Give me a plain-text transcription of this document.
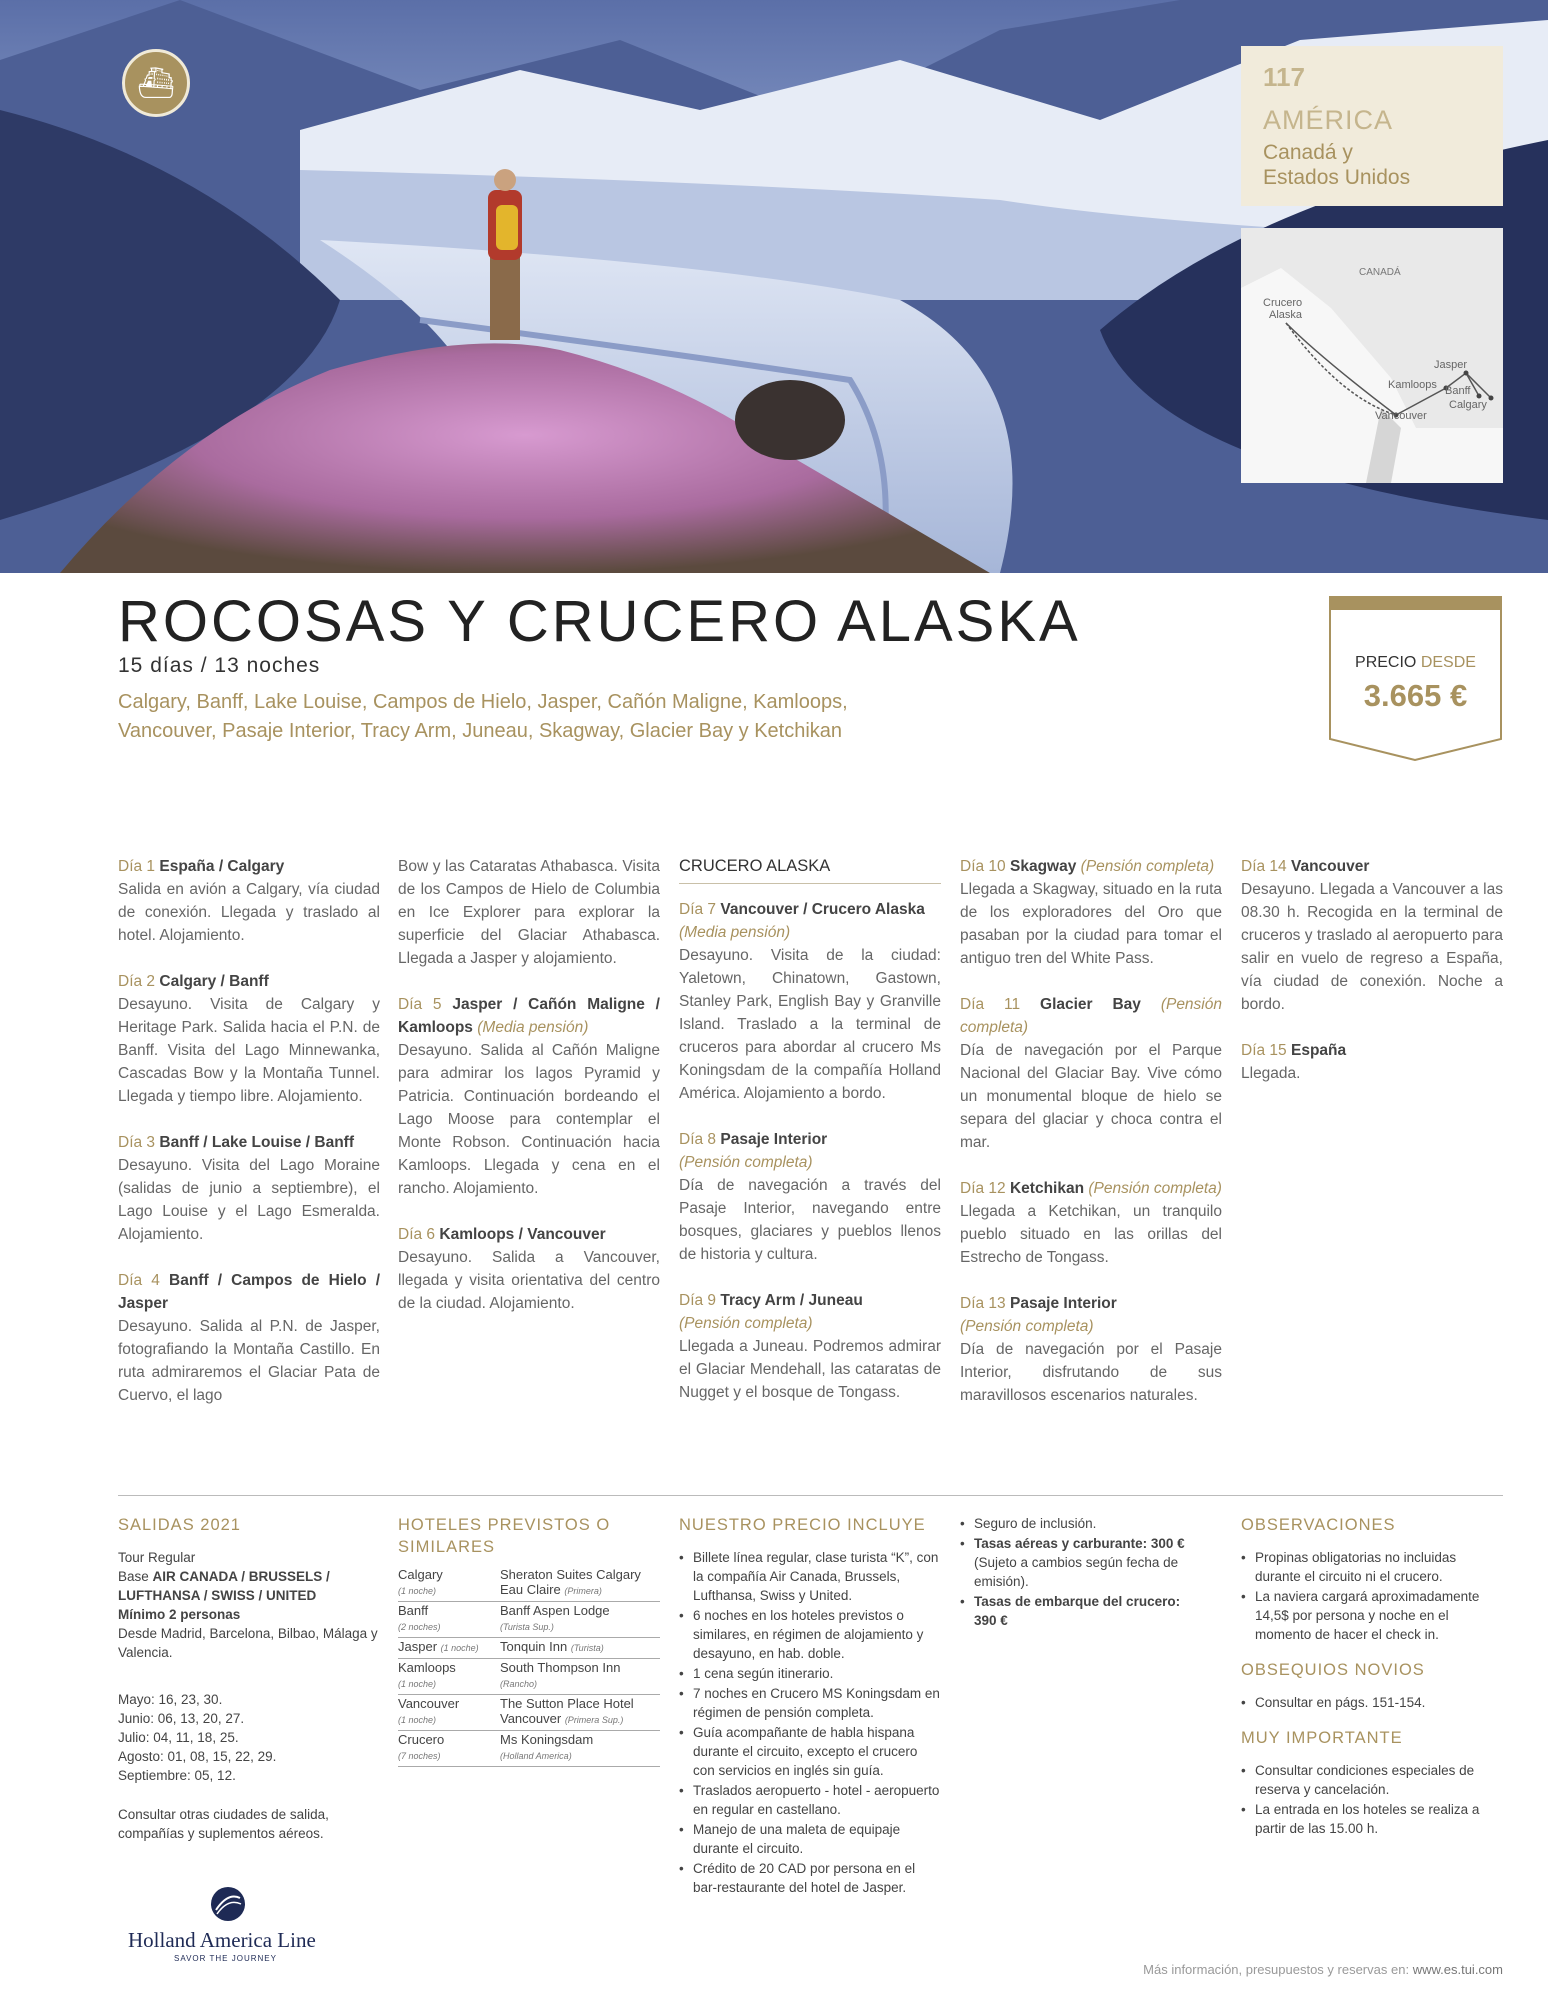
⛴	117
AMÉRICA
Canadá y
Estados Unidos
CANADÁ
Crucero
Alaska
Jasper
Kamloops Banff
Calgary
Vancouver
ROCOSAS Y CRUCERO ALASKA
15 días / 13 noches
Calgary, Banff, Lake Louise, Campos de Hielo, Jasper, Cañón Maligne, Kamloops, Vancouver, Pasaje Interior, Tracy Arm, Juneau, Skagway, Glacier Bay y Ketchikan
PRECIO DESDE
3.665 €

Día 1 España / Calgary
Salida en avión a Calgary, vía ciudad de conexión. Llegada y traslado al hotel. Alojamiento.

Día 2 Calgary / Banff
Desayuno. Visita de Calgary y Heritage Park. Salida hacia el P.N. de Banff. Visita del Lago Minnewanka, Cascadas Bow y la Montaña Tunnel. Llegada y tiempo libre. Alojamiento.

Día 3 Banff / Lake Louise / Banff
Desayuno. Visita del Lago Moraine (salidas de junio a septiembre), el Lago Louise y el Lago Esmeralda. Alojamiento.

Día 4 Banff / Campos de Hielo / Jasper
Desayuno. Salida al P.N. de Jasper, fotografiando la Montaña Castillo. En ruta admiraremos el Glaciar Pata de Cuervo, el lago

Bow y las Cataratas Athabasca. Visita de los Campos de Hielo de Columbia en Ice Explorer para explorar la superficie del Glaciar Athabasca. Llegada a Jasper y alojamiento.

Día 5 Jasper / Cañón Maligne / Kamloops (Media pensión)
Desayuno. Salida al Cañón Maligne para admirar los lagos Pyramid y Patricia. Continuación bordeando el Lago Moose para contemplar el Monte Robson. Continuación hacia Kamloops. Llegada y cena en el rancho. Alojamiento.

Día 6 Kamloops / Vancouver
Desayuno. Salida a Vancouver, llegada y visita orientativa del centro de la ciudad. Alojamiento.

CRUCERO ALASKA

Día 7 Vancouver / Crucero Alaska
(Media pensión)
Desayuno. Visita de la ciudad: Yaletown, Chinatown, Gastown, Stanley Park, English Bay y Granville Island. Traslado a la terminal de cruceros para abordar al crucero Ms Koningsdam de la compañía Holland América. Alojamiento a bordo.

Día 8 Pasaje Interior
(Pensión completa)
Día de navegación a través del Pasaje Interior, navegando entre bosques, glaciares y pueblos llenos de historia y cultura.

Día 9 Tracy Arm / Juneau
(Pensión completa)
Llegada a Juneau. Podremos admirar el Glaciar Mendehall, las cataratas de Nugget y el bosque de Tongass.

Día 10 Skagway (Pensión completa)
Llegada a Skagway, situado en la ruta de los exploradores del Oro que pasaban por la ciudad para tomar el antiguo tren del White Pass.

Día 11 Glacier Bay (Pensión completa)
Día de navegación por el Parque Nacional del Glaciar Bay. Vive cómo un monumental bloque de hielo se separa del glaciar y choca contra el mar.

Día 12 Ketchikan (Pensión completa)
Llegada a Ketchikan, un tranquilo pueblo situado en las orillas del Estrecho de Tongass.

Día 13 Pasaje Interior
(Pensión completa)
Día de navegación por el Pasaje Interior, disfrutando de sus maravillosos escenarios naturales.

Día 14 Vancouver
Desayuno. Llegada a Vancouver a las 08.30 h. Recogida en la terminal de cruceros y traslado al aeropuerto para salir en vuelo de regreso a España, vía ciudad de conexión. Noche a bordo.

Día 15 España
Llegada.

SALIDAS 2021
Tour Regular
Base AIR CANADA / BRUSSELS / LUFTHANSA / SWISS / UNITED
Mínimo 2 personas
Desde Madrid, Barcelona, Bilbao, Málaga y Valencia.
Mayo: 16, 23, 30.
Junio: 06, 13, 20, 27.
Julio: 04, 11, 18, 25.
Agosto: 01, 08, 15, 22, 29.
Septiembre: 05, 12.
Consultar otras ciudades de salida, compañías y suplementos aéreos.
HOTELES PREVISTOS O
SIMILARES
Calgary
(1 noche)	Sheraton Suites Calgary Eau Claire (Primera)
Banff
(2 noches)	Banff Aspen Lodge
(Turista Sup.)
Jasper (1 noche)	Tonquin Inn (Turista)
Kamloops
(1 noche)	South Thompson Inn
(Rancho)
Vancouver
(1 noche)	The Sutton Place Hotel Vancouver (Primera Sup.)
Crucero
(7 noches)	Ms Koningsdam
(Holland America)
NUESTRO PRECIO INCLUYE
• Billete línea regular, clase turista “K”, con la compañía Air Canada, Brussels, Lufthansa, Swiss y United.
• 6 noches en los hoteles previstos o similares, en régimen de alojamiento y desayuno, en hab. doble.
• 1 cena según itinerario.
• 7 noches en Crucero MS Koningsdam en régimen de pensión completa.
• Guía acompañante de habla hispana durante el circuito, excepto el crucero con servicios en inglés sin guía.
• Traslados aeropuerto - hotel - aeropuerto en regular en castellano.
• Manejo de una maleta de equipaje durante el circuito.
• Crédito de 20 CAD por persona en el bar-restaurante del hotel de Jasper.
• Seguro de inclusión.
• Tasas aéreas y carburante: 300 € (Sujeto a cambios según fecha de emisión).
• Tasas de embarque del crucero: 390 €
OBSERVACIONES
• Propinas obligatorias no incluidas durante el circuito ni el crucero.
• La naviera cargará aproximadamente 14,5$ por persona y noche en el momento de hacer el check in.
OBSEQUIOS NOVIOS
• Consultar en págs. 151-154.
MUY IMPORTANTE
• Consultar condiciones especiales de reserva y cancelación.
• La entrada en los hoteles se realiza a partir de las 15.00 h.
Holland America Line
SAVOR THE JOURNEY
Más información, presupuestos y reservas en: www.es.tui.com
